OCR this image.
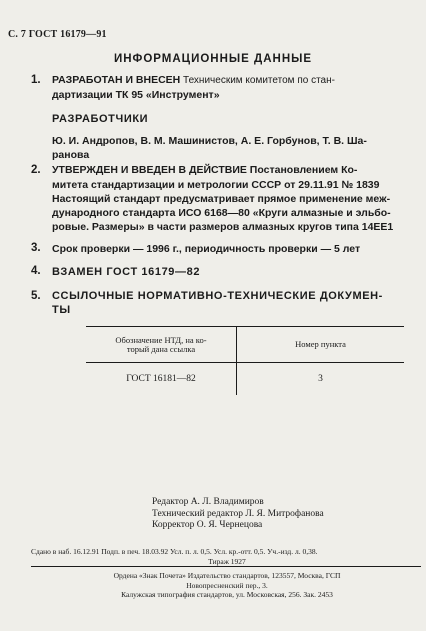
С. 7 ГОСТ 16179—91
ИНФОРМАЦИОННЫЕ ДАННЫЕ
1. РАЗРАБОТАН И ВНЕСЕН Техническим комитетом по стан-
дартизации ТК 95 «Инструмент»
РАЗРАБОТЧИКИ
Ю. И. Андропов, В. М. Машинистов, А. Е. Горбунов, Т. В. Ша-
ранова
2. УТВЕРЖДЕН И ВВЕДЕН В ДЕЙСТВИЕ Постановлением Ко-
митета стандартизации и метрологии СССР от 29.11.91 № 1839
Настоящий стандарт предусматривает прямое применение меж-
дународного стандарта ИСО 6168—80 «Круги алмазные и эльбо-
ровые. Размеры» в части размеров алмазных кругов типа 14ЕЕ1
3. Срок проверки — 1996 г., периодичность проверки — 5 лет
4. ВЗАМЕН ГОСТ 16179—82
5. ССЫЛОЧНЫЕ НОРМАТИВНО-ТЕХНИЧЕСКИЕ ДОКУМЕН-
ТЫ
Обозначение НТД, на ко-
торый дана ссылка	Номер пункта
ГОСТ 16181—82	3
Редактор А. Л. Владимиров
Технический редактор Л. Я. Митрофанова
Корректор О. Я. Чернецова
Сдано в наб. 16.12.91 Подп. в печ. 18.03.92 Усл. п. л. 0,5. Усл. кр.-отт. 0,5. Уч.-изд. л. 0,38.
Тираж 1927
Ордена «Знак Почета» Издательство стандартов, 123557, Москва, ГСП
Новопресненский пер., 3.
Калужская типография стандартов, ул. Московская, 256. Зак. 2453
